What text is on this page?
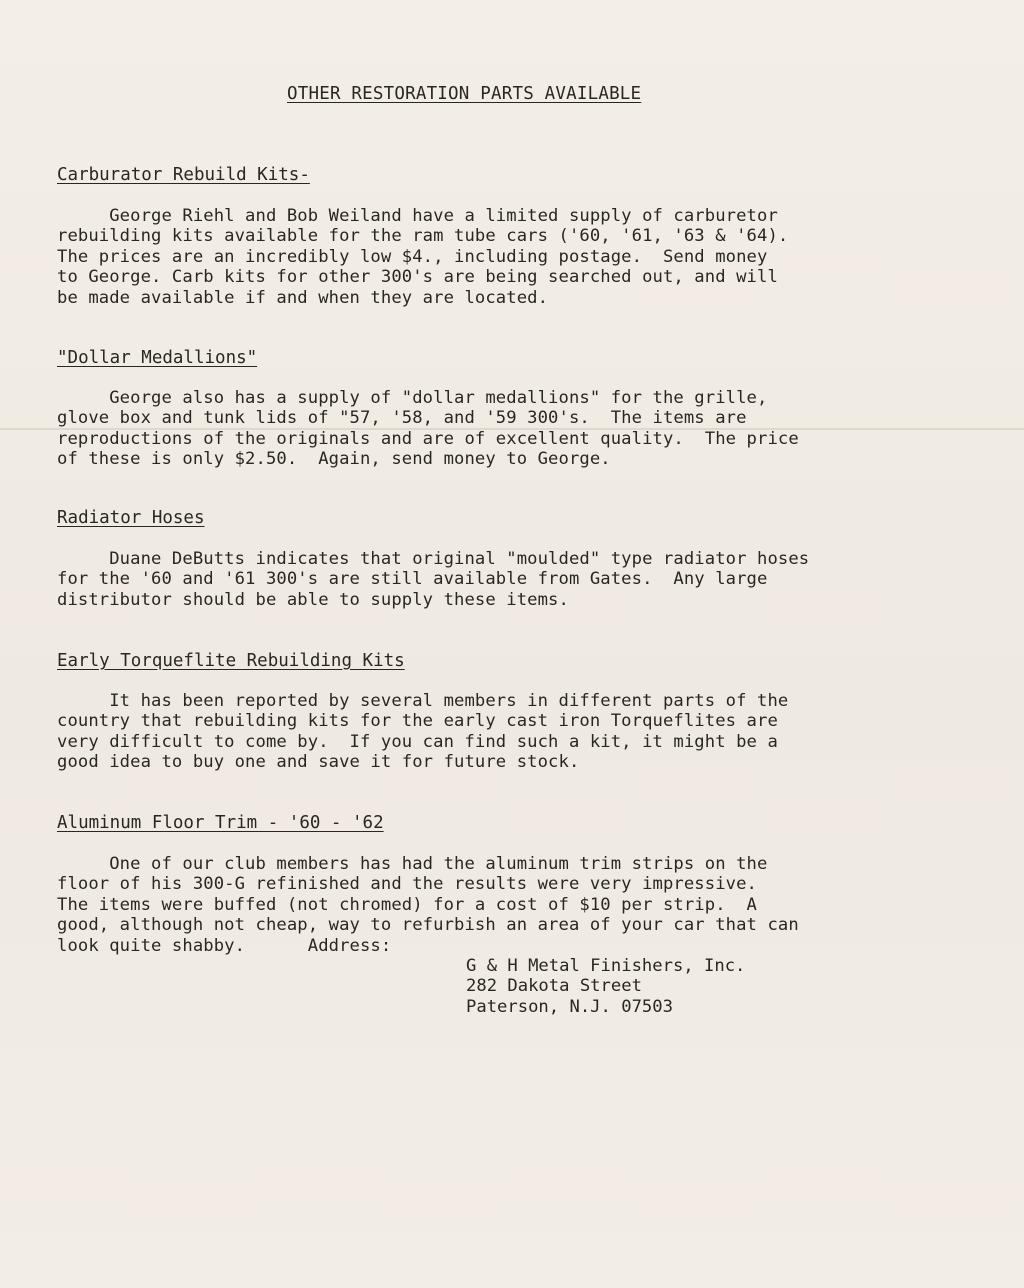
OTHER RESTORATION PARTS AVAILABLE
Carburator Rebuild Kits-
George Riehl and Bob Weiland have a limited supply of carburetor
rebuilding kits available for the ram tube cars ('60, '61, '63 & '64).
The prices are an incredibly low $4., including postage.  Send money
to George. Carb kits for other 300's are being searched out, and will
be made available if and when they are located.
"Dollar Medallions"
George also has a supply of "dollar medallions" for the grille,
glove box and tunk lids of "57, '58, and '59 300's.  The items are
reproductions of the originals and are of excellent quality.  The price
of these is only $2.50.  Again, send money to George.
Radiator Hoses
Duane DeButts indicates that original "moulded" type radiator hoses
for the '60 and '61 300's are still available from Gates.  Any large
distributor should be able to supply these items.
Early Torqueflite Rebuilding Kits
It has been reported by several members in different parts of the
country that rebuilding kits for the early cast iron Torqueflites are
very difficult to come by.  If you can find such a kit, it might be a
good idea to buy one and save it for future stock.
Aluminum Floor Trim - '60 - '62
One of our club members has had the aluminum trim strips on the
floor of his 300-G refinished and the results were very impressive.
The items were buffed (not chromed) for a cost of $10 per strip.  A
good, although not cheap, way to refurbish an area of your car that can
look quite shabby.      Address:
G & H Metal Finishers, Inc.
282 Dakota Street
Paterson, N.J. 07503
